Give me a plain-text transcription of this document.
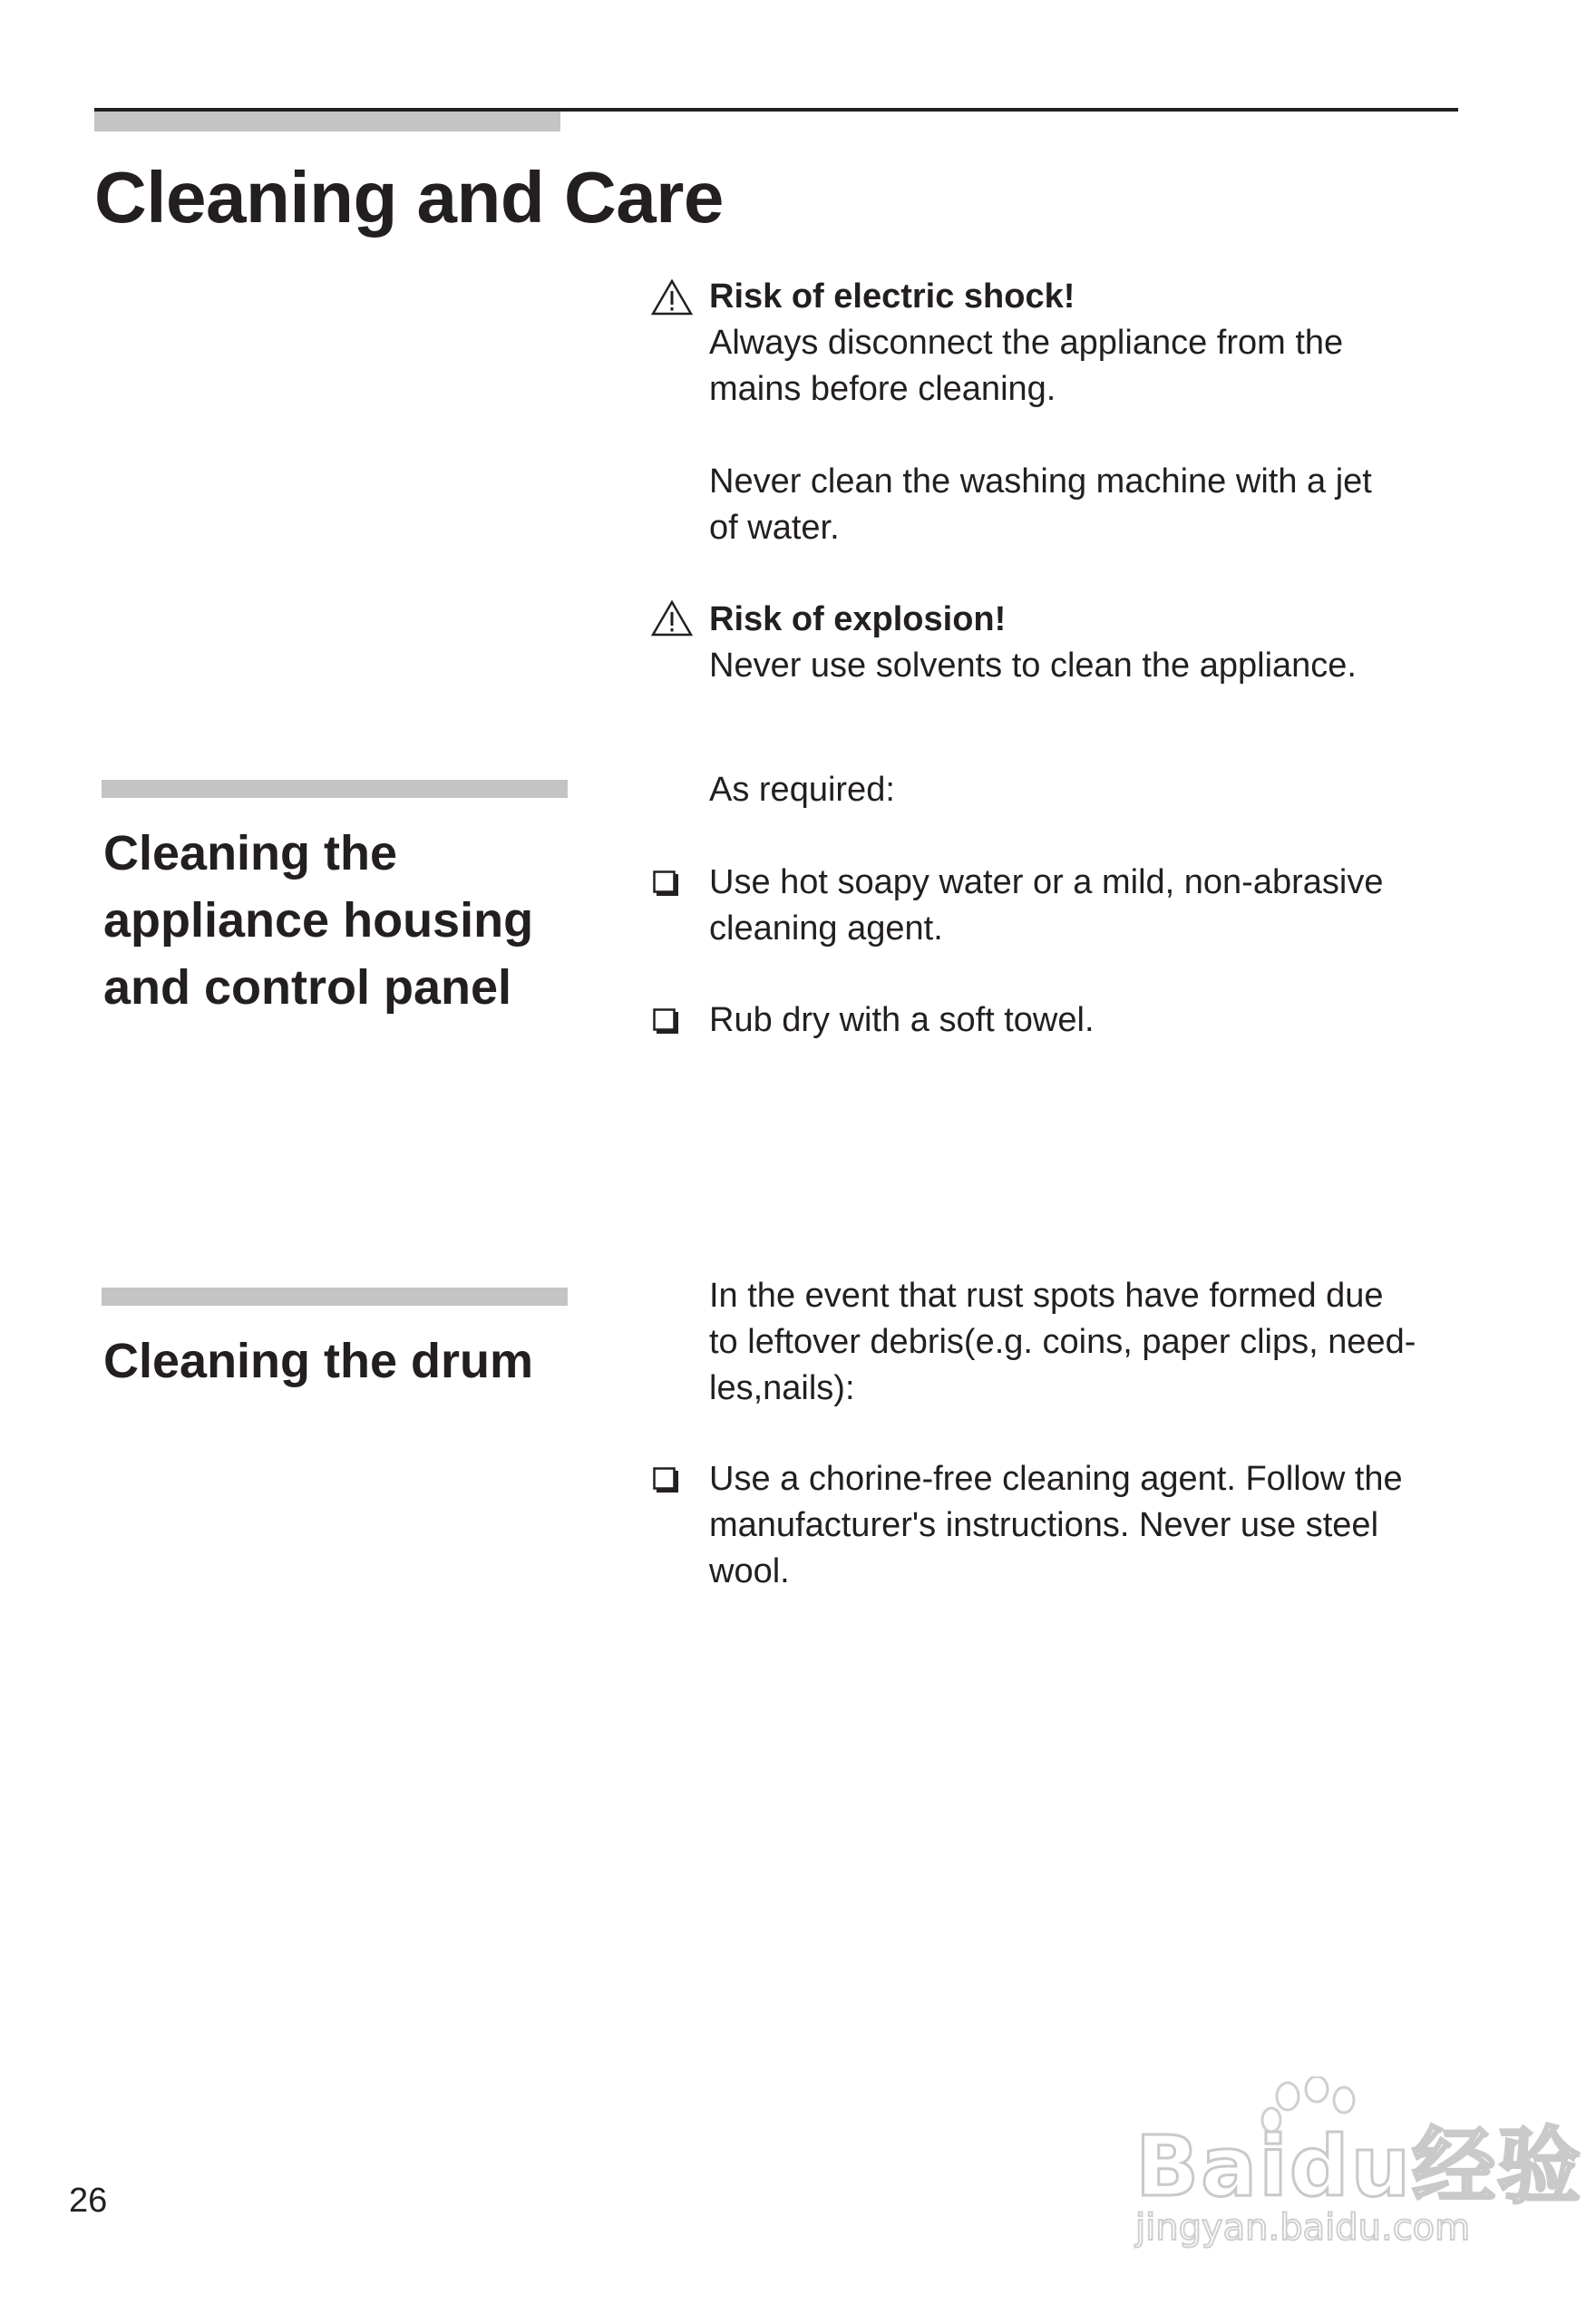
Cleaning and Care

Risk of electric shock!
Always disconnect the appliance from the
mains before cleaning.

Never clean the washing machine with a jet
of water.

Risk of explosion!
Never use solvents to clean the appliance.

Cleaning the
appliance housing
and control panel

As required:

Use hot soapy water or a mild, non-abrasive
cleaning agent.

Rub dry with a soft towel.

Cleaning the drum

In the event that rust spots have formed due
to leftover debris(e.g. coins, paper clips, need-
les,nails):

Use a chorine-free cleaning agent. Follow the
manufacturer's instructions. Never use steel
wool.

26	Baidu经验
jingyan.baidu.com
